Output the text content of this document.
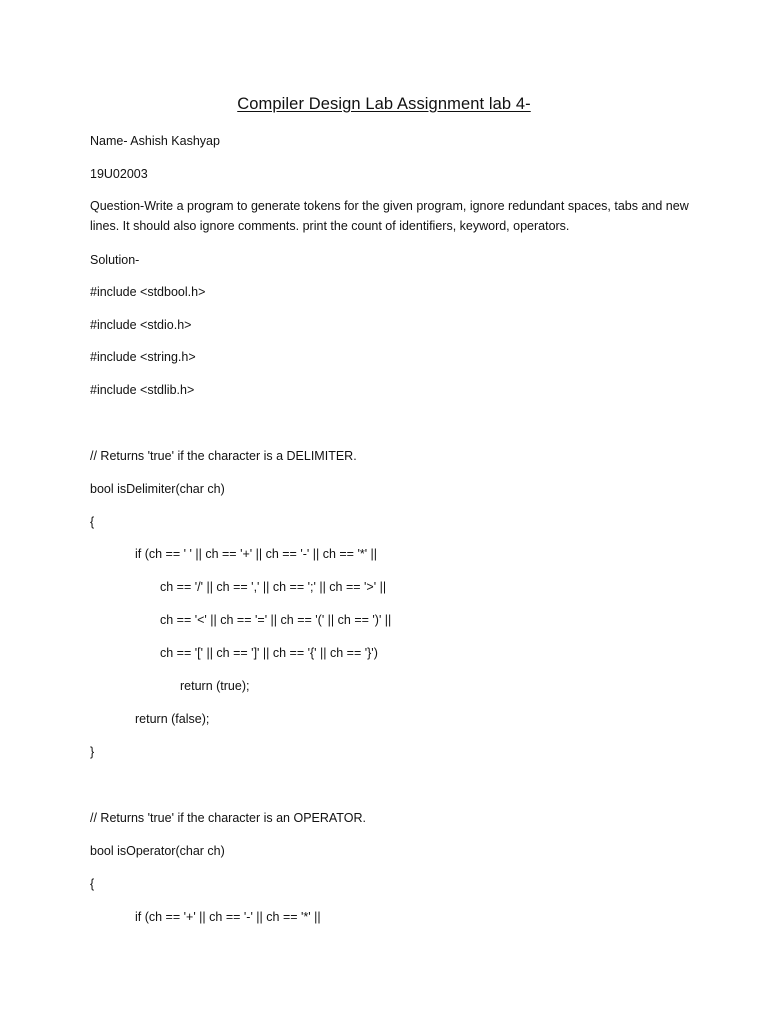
Compiler Design Lab Assignment lab 4-
Name- Ashish Kashyap
19U02003
Question-Write a program to generate tokens for the given program, ignore redundant spaces, tabs and new lines. It should also ignore comments. print the count of identifiers, keyword, operators.
Solution-
#include <stdbool.h>
#include <stdio.h>
#include <string.h>
#include <stdlib.h>
// Returns 'true' if the character is a DELIMITER.
bool isDelimiter(char ch)
{
if (ch == ' ' || ch == '+' || ch == '-' || ch == '*' ||
ch == '/' || ch == ',' || ch == ';' || ch == '>' ||
ch == '<' || ch == '=' || ch == '(' || ch == ')' ||
ch == '[' || ch == ']' || ch == '{' || ch == '}')
return (true);
return (false);
}
// Returns 'true' if the character is an OPERATOR.
bool isOperator(char ch)
{
if (ch == '+' || ch == '-' || ch == '*' ||
